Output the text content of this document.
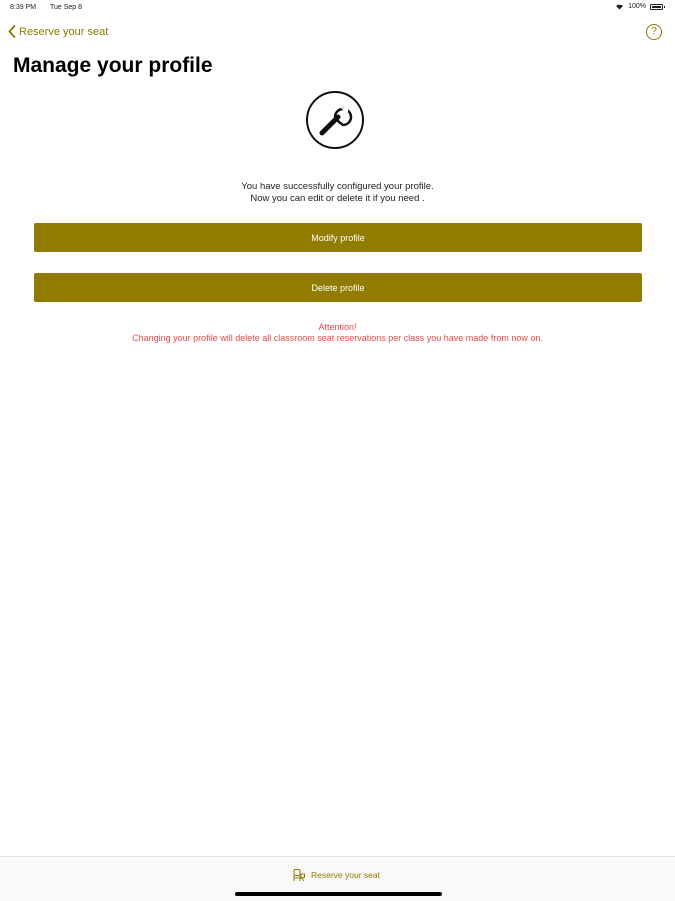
8:39 PM Tue Sep 8	100%
Reserve your seat	?
Manage your profile
You have successfully configured your profile.
Now you can edit or delete it if you need .
Modify profile
Delete profile
Attention!
Changing your profile will delete all classroom seat reservations per class you have made from now on.
Reserve your seat
